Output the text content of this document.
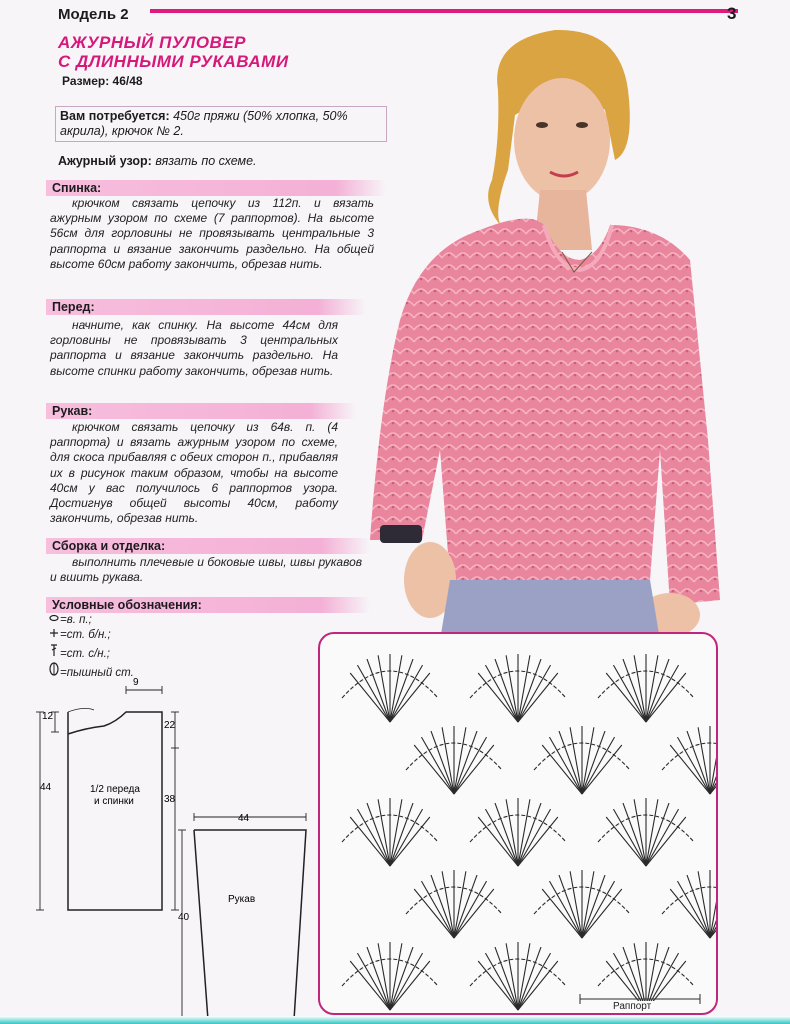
Модель 2	3
АЖУРНЫЙ ПУЛОВЕР
С ДЛИННЫМИ РУКАВАМИ
Размер: 46/48
Вам потребуется: 450г пряжи (50% хлопка, 50% акрила), крючок № 2.
Ажурный узор: вязать по схеме.
Спинка:
крючком связать цепочку из 112п. и вязать ажурным узором по схеме (7 раппортов). На высоте 56см для горловины не провязывать центральные 3 раппорта и вязание закончить раздельно. На общей высоте 60см работу закончить, обрезав нить.
Перед:
начните, как спинку. На высоте 44см для горловины не провязывать 3 центральных раппорта и вязание закончить раздельно. На высоте спинки работу закончить, обрезав нить.
Рукав:
крючком связать цепочку из 64в. п. (4 раппорта) и вязать ажурным узором по схеме, для скоса прибавляя с обеих сторон п., прибавляя их в рисунок таким образом, чтобы на высоте 40см у вас получилось 6 раппортов узора. Достигнув общей высоты 40см, работу закончить, обрезав нить.
Сборка и отделка:
выполнить плечевые и боковые швы, швы рукавов и вшить рукава.
Условные обозначения:
=в. п.;
=ст. б/н.;
=ст. с/н.;
=пышный ст.
9
12
22
44
38
1/2 переда
и спинки
44
40
Рукав
Раппорт
